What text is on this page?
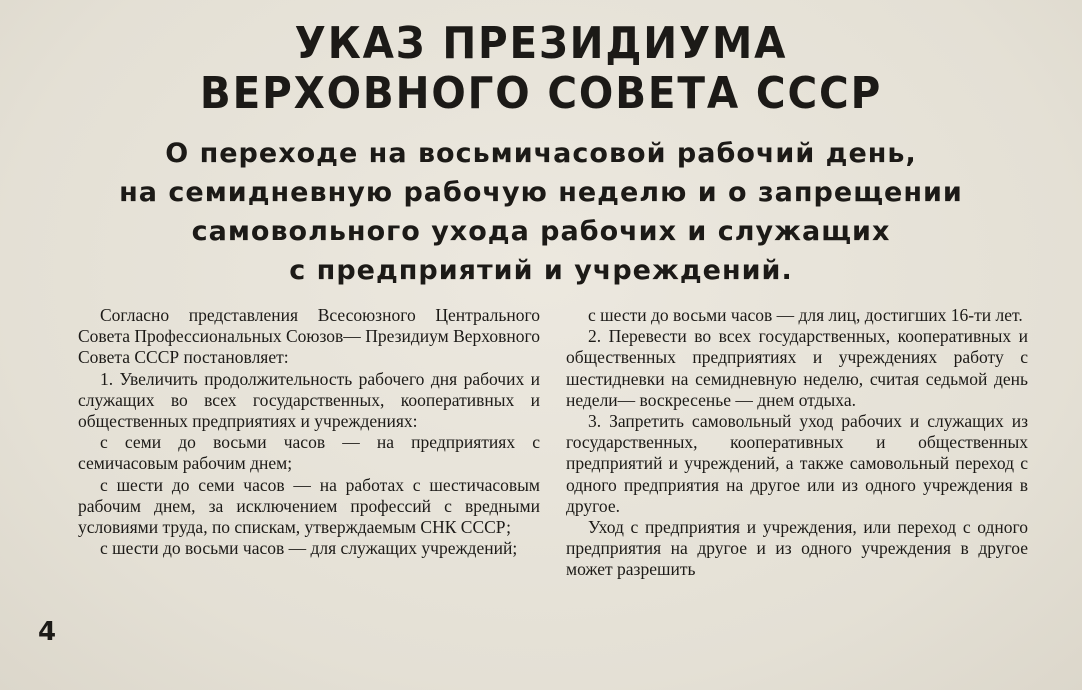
УКАЗ ПРЕЗИДИУМА
ВЕРХОВНОГО СОВЕТА СССР
О переходе на восьмичасовой рабочий день,
на семидневную рабочую неделю и о запрещении
самовольного ухода рабочих и служащих
с предприятий и учреждений.

Согласно представления Всесоюзного Центрального Совета Профессиональных Союзов— Президиум Верховного Совета СССР постановляет:

1. Увеличить продолжительность рабочего дня рабочих и служащих во всех государственных, кооперативных и общественных предприятиях и учреждениях:

с семи до восьми часов — на предприятиях с семичасовым рабочим днем;

с шести до семи часов — на работах с шестичасовым рабочим днем, за исключением профессий с вредными условиями труда, по спискам, утверждаемым СНК СССР;

с шести до восьми часов — для служащих учреждений;

с шести до восьми часов — для лиц, достигших 16-ти лет.

2. Перевести во всех государственных, кооперативных и общественных предприятиях и учреждениях работу с шестидневки на семидневную неделю, считая седьмой день недели— воскресенье — днем отдыха.

3. Запретить самовольный уход рабочих и служащих из государственных, кооперативных и общественных предприятий и учреждений, а также самовольный переход с одного предприятия на другое или из одного учреждения в другое.

Уход с предприятия и учреждения, или переход с одного предприятия на другое и из одного учреждения в другое может разрешить

4
